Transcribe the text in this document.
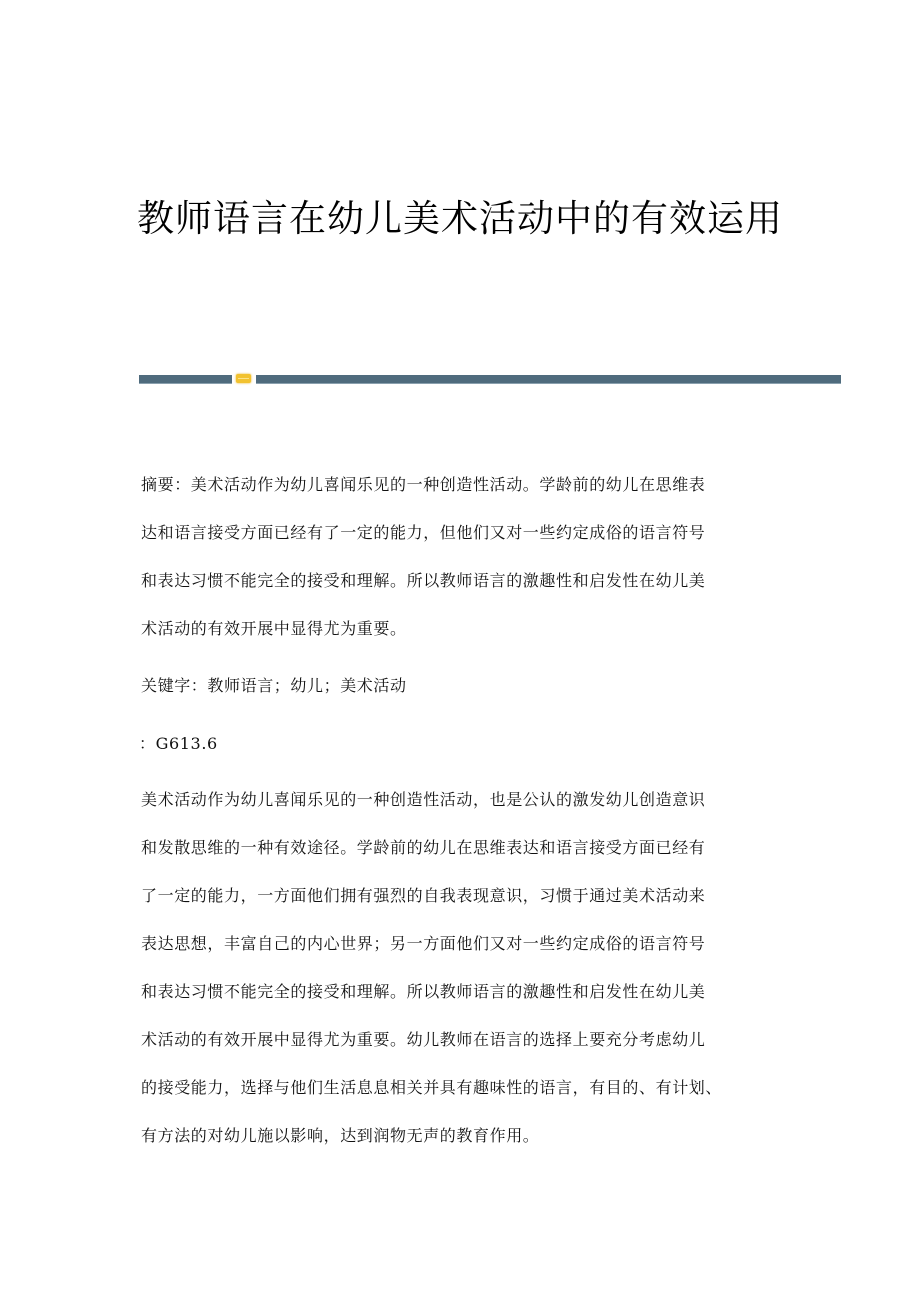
教师语言在幼儿美术活动中的有效运用
摘要：美术活动作为幼儿喜闻乐见的一种创造性活动。学龄前的幼儿在思维表
达和语言接受方面已经有了一定的能力，但他们又对一些约定成俗的语言符号
和表达习惯不能完全的接受和理解。所以教师语言的激趣性和启发性在幼儿美
术活动的有效开展中显得尤为重要。
关键字：教师语言；幼儿；美术活动
：G613.6
美术活动作为幼儿喜闻乐见的一种创造性活动，也是公认的激发幼儿创造意识
和发散思维的一种有效途径。学龄前的幼儿在思维表达和语言接受方面已经有
了一定的能力，一方面他们拥有强烈的自我表现意识，习惯于通过美术活动来
表达思想，丰富自己的内心世界；另一方面他们又对一些约定成俗的语言符号
和表达习惯不能完全的接受和理解。所以教师语言的激趣性和启发性在幼儿美
术活动的有效开展中显得尤为重要。幼儿教师在语言的选择上要充分考虑幼儿
的接受能力，选择与他们生活息息相关并具有趣味性的语言，有目的、有计划、
有方法的对幼儿施以影响，达到润物无声的教育作用。
